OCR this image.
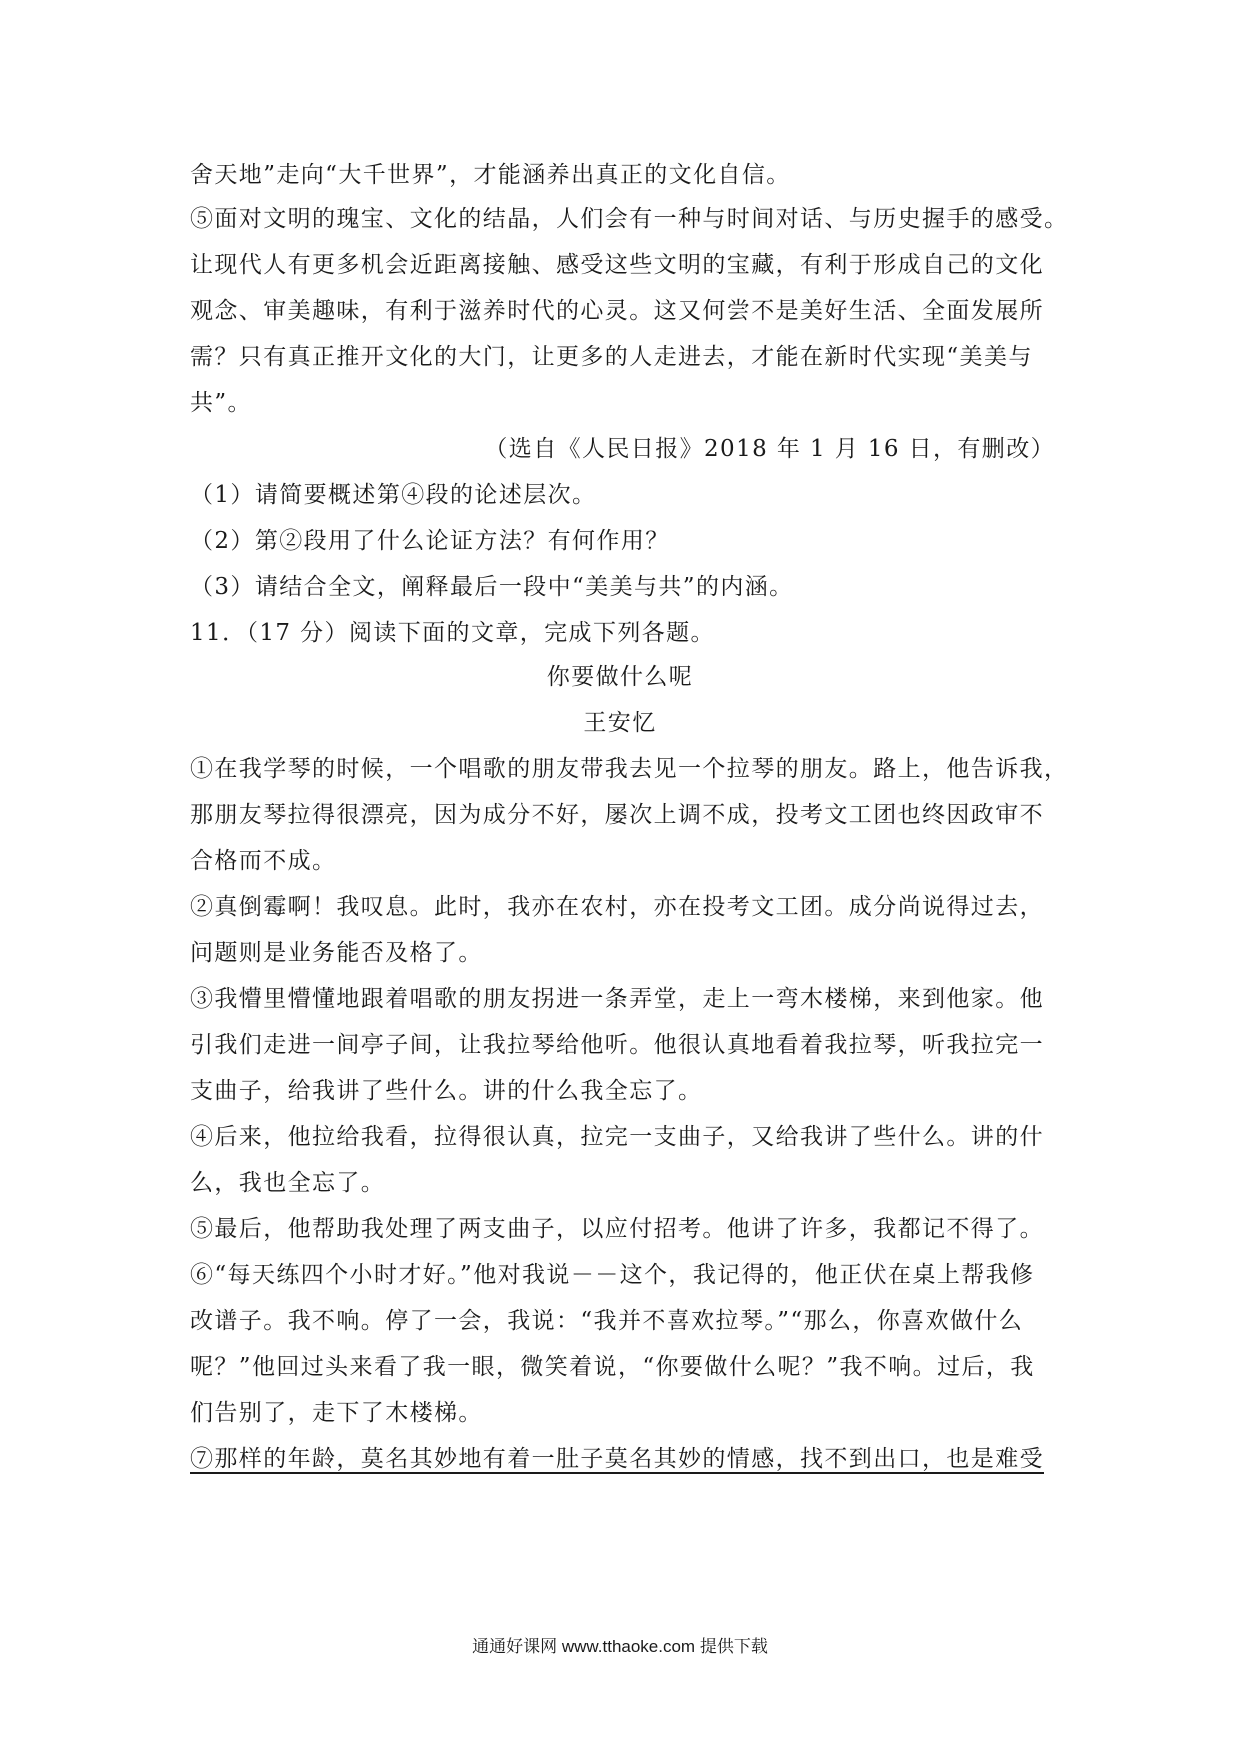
舍天地”走向“大千世界”，才能涵养出真正的文化自信。
⑤面对文明的瑰宝、文化的结晶，人们会有一种与时间对话、与历史握手的感受。
让现代人有更多机会近距离接触、感受这些文明的宝藏，有利于形成自己的文化
观念、审美趣味，有利于滋养时代的心灵。这又何尝不是美好生活、全面发展所
需？只有真正推开文化的大门，让更多的人走进去，才能在新时代实现“美美与
共”。
（选自《人民日报》2018 年 1 月 16 日，有删改）
（1）请简要概述第④段的论述层次。
（2）第②段用了什么论证方法？有何作用？
（3）请结合全文，阐释最后一段中“美美与共”的内涵。
11．（17 分）阅读下面的文章，完成下列各题。
你要做什么呢
王安忆
①在我学琴的时候，一个唱歌的朋友带我去见一个拉琴的朋友。路上，他告诉我，
那朋友琴拉得很漂亮，因为成分不好，屡次上调不成，投考文工团也终因政审不
合格而不成。
②真倒霉啊！我叹息。此时，我亦在农村，亦在投考文工团。成分尚说得过去，
问题则是业务能否及格了。
③我懵里懵懂地跟着唱歌的朋友拐进一条弄堂，走上一弯木楼梯，来到他家。他
引我们走进一间亭子间，让我拉琴给他听。他很认真地看着我拉琴，听我拉完一
支曲子，给我讲了些什么。讲的什么我全忘了。
④后来，他拉给我看，拉得很认真，拉完一支曲子，又给我讲了些什么。讲的什
么，我也全忘了。
⑤最后，他帮助我处理了两支曲子，以应付招考。他讲了许多，我都记不得了。
⑥“每天练四个小时才好。”他对我说－－这个，我记得的，他正伏在桌上帮我修
改谱子。我不响。停了一会，我说：“我并不喜欢拉琴。”“那么，你喜欢做什么
呢？”他回过头来看了我一眼，微笑着说，“你要做什么呢？”我不响。过后，我
们告别了，走下了木楼梯。
⑦那样的年龄，莫名其妙地有着一肚子莫名其妙的情感，找不到出口，也是难受
通通好课网 www.tthaoke.com 提供下载
